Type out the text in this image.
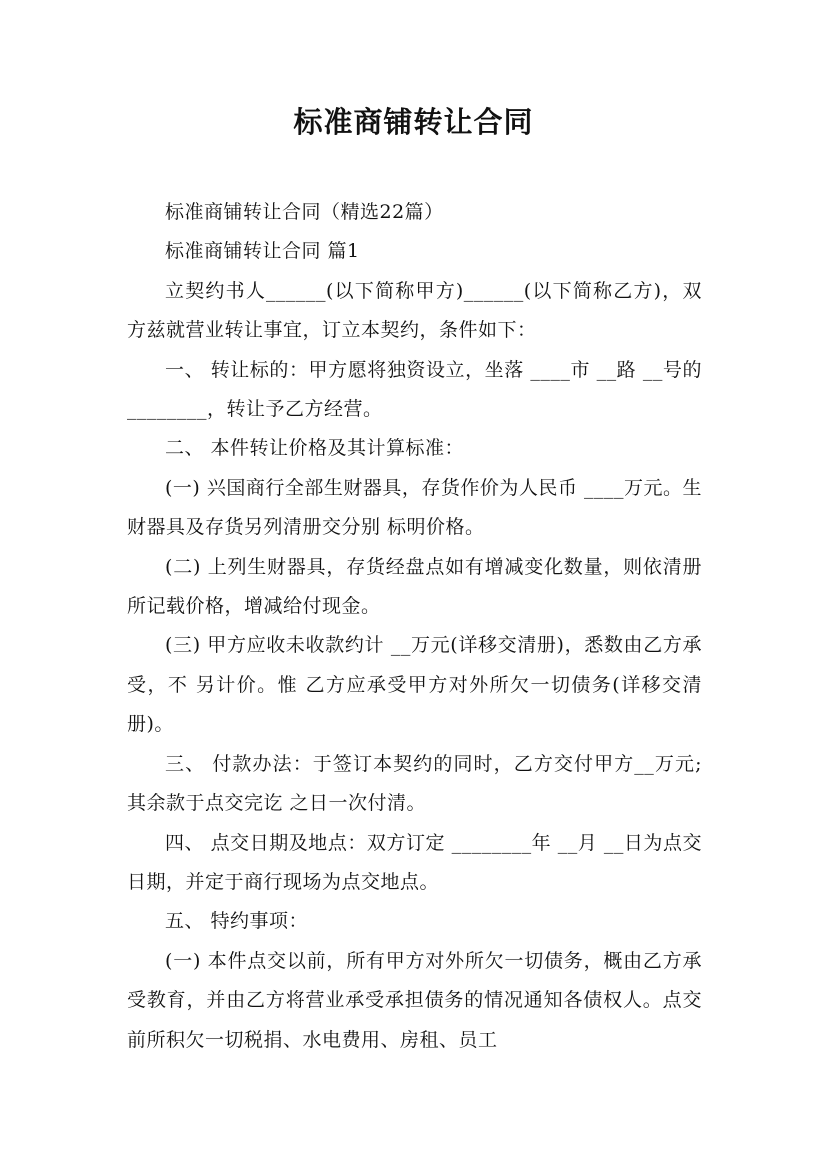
标准商铺转让合同

标准商铺转让合同（精选22篇）

标准商铺转让合同 篇1

立契约书人______(以下简称甲方)______(以下简称乙方)，双方兹就营业转让事宜，订立本契约，条件如下：

一、 转让标的：甲方愿将独资设立，坐落 ____市 __路 __号的________，转让予乙方经营。

二、 本件转让价格及其计算标准：

(一) 兴国商行全部生财器具，存货作价为人民币 ____万元。生财器具及存货另列清册交分别 标明价格。

(二) 上列生财器具，存货经盘点如有增减变化数量，则依清册所记载价格，增减给付现金。

(三) 甲方应收未收款约计 __万元(详移交清册)，悉数由乙方承受，不 另计价。惟 乙方应承受甲方对外所欠一切债务(详移交清册)。

三、 付款办法：于签订本契约的同时，乙方交付甲方__万元;其余款于点交完讫 之日一次付清。

四、 点交日期及地点：双方订定 ________年 __月 __日为点交日期，并定于商行现场为点交地点。

五、 特约事项：

(一) 本件点交以前，所有甲方对外所欠一切债务，概由乙方承受教育，并由乙方将营业承受承担债务的情况通知各债权人。点交前所积欠一切税捐、水电费用、房租、员工
